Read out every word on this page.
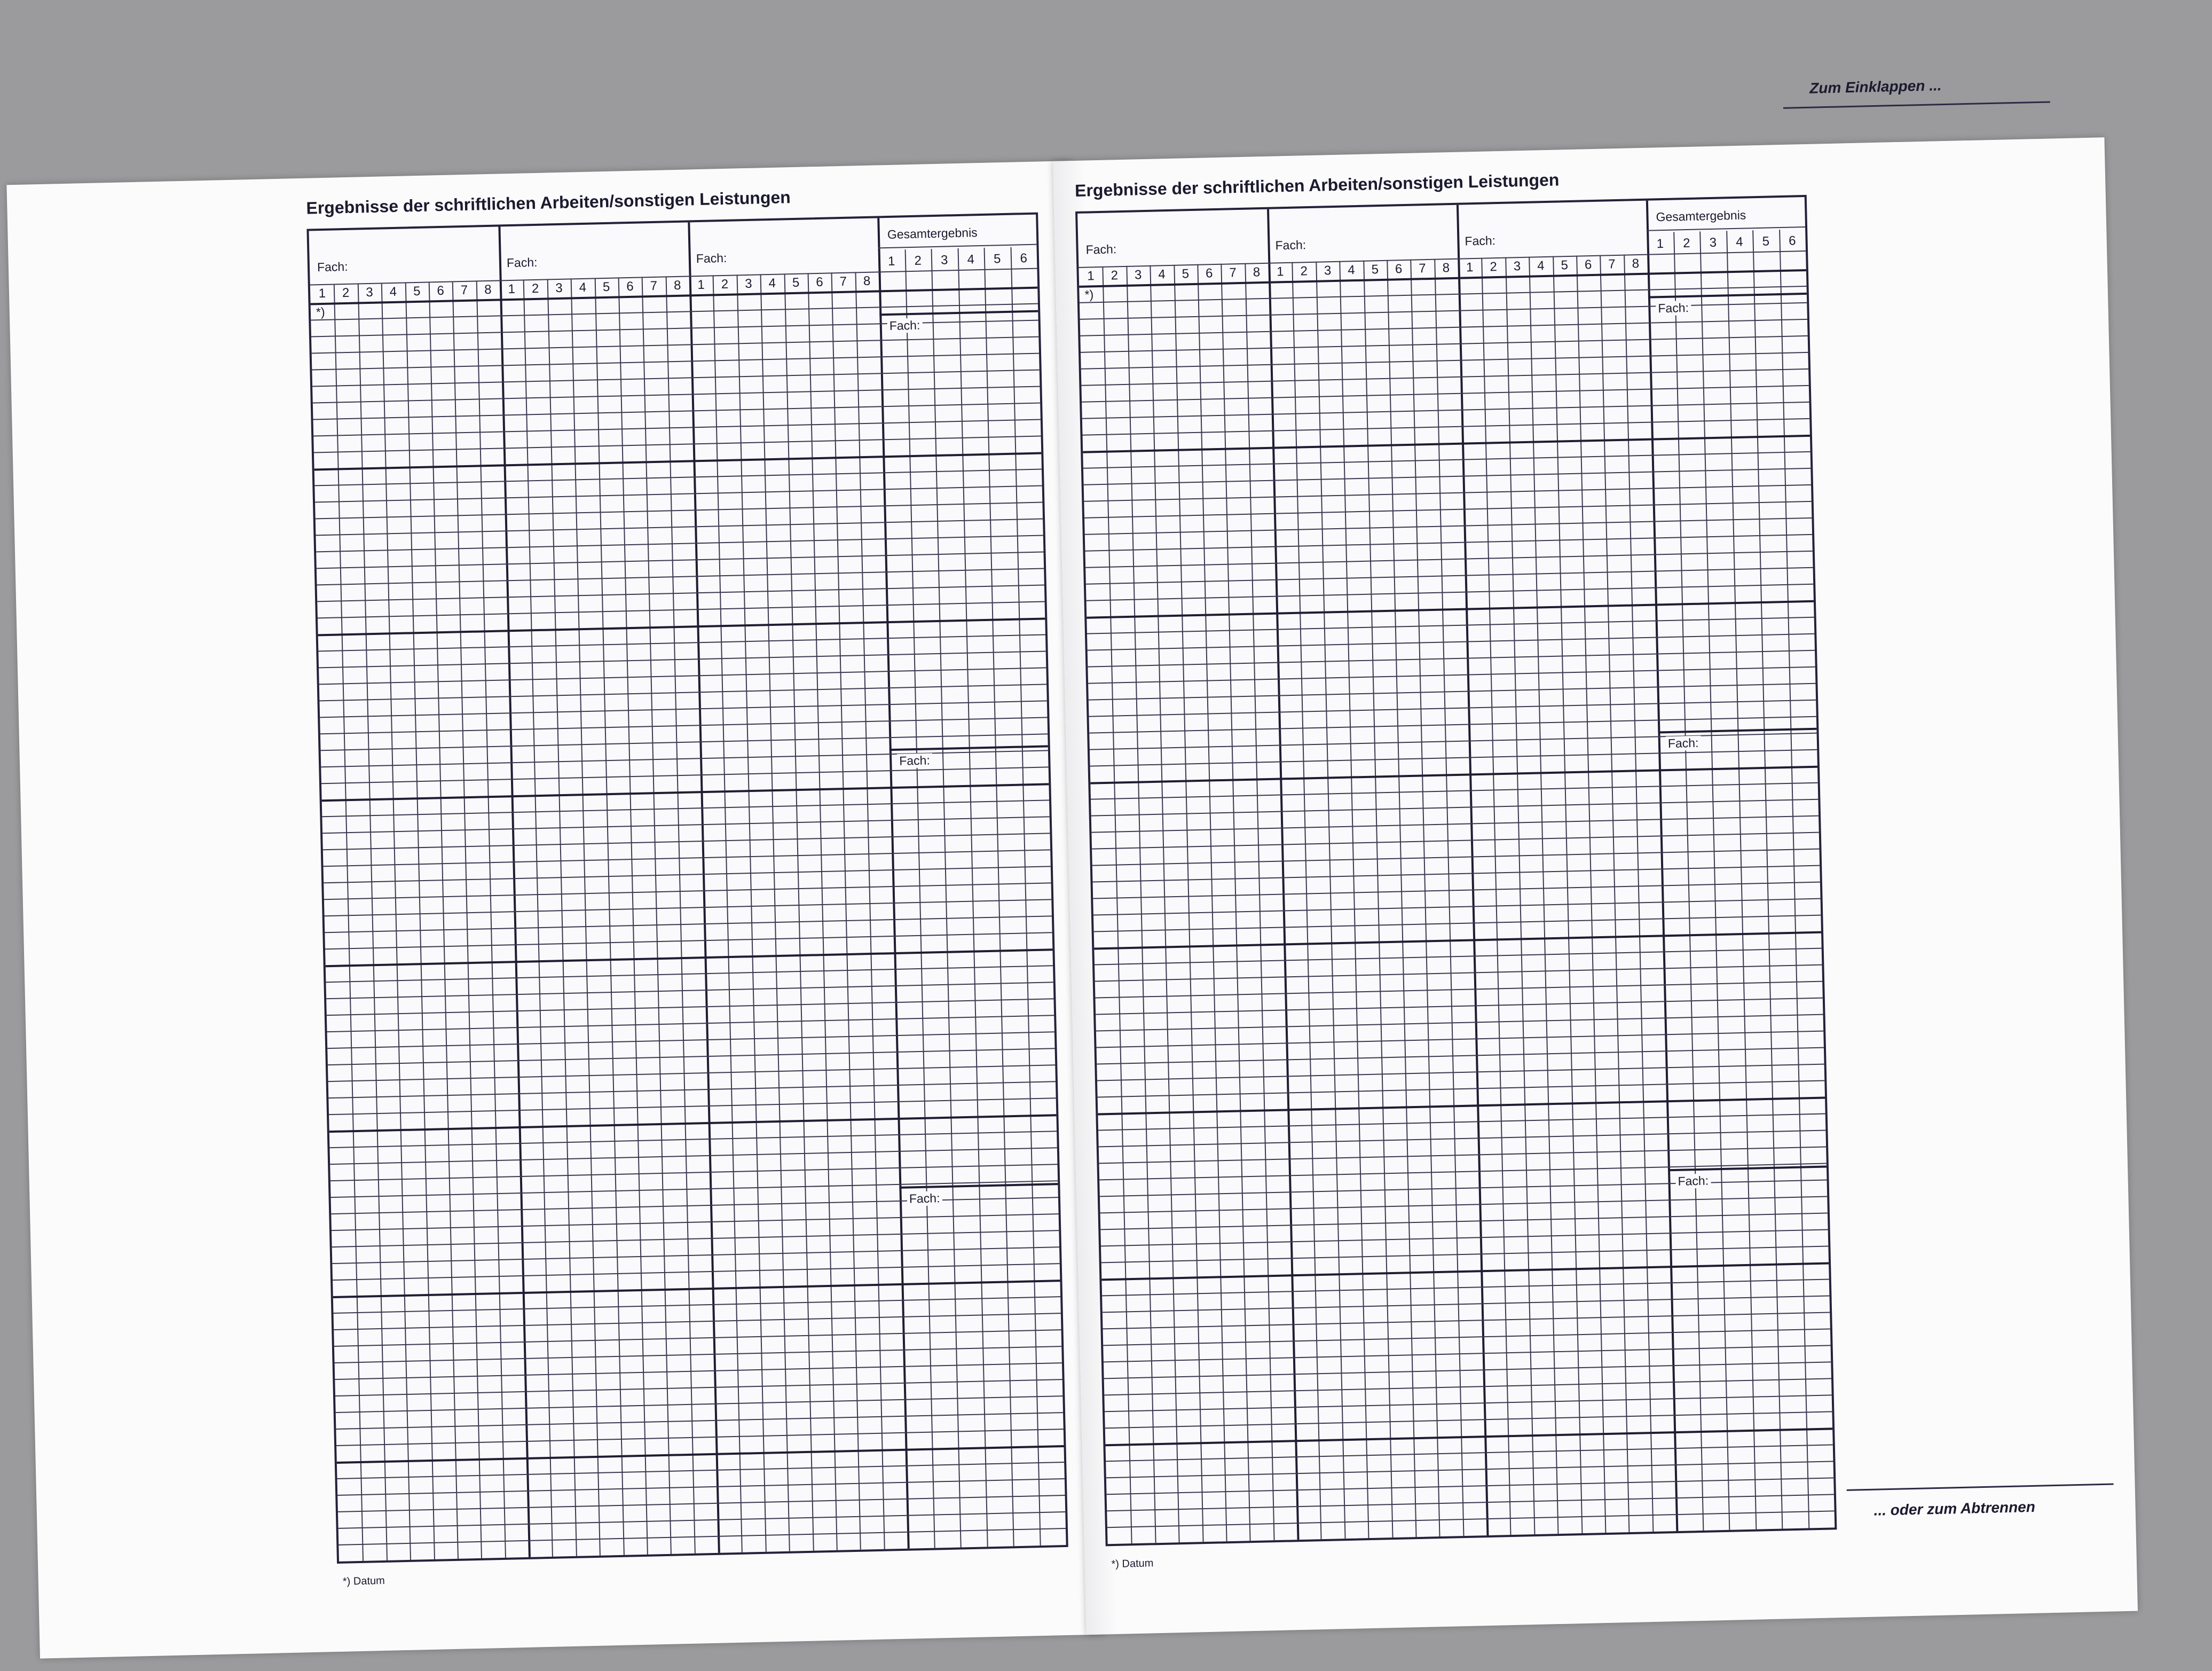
Ergebnisse der schriftlichen Arbeiten/sonstigen Leistungen
Fach:
1	2	3	4	5	6	7	8
Fach:
1	2	3	4	5	6	7	8
Fach:
1	2	3	4	5	6	7	8
Gesamtergebnis
1	2	3	4	5	6
*)
Fach:
Fach:
Fach:
*) Datum
Ergebnisse der schriftlichen Arbeiten/sonstigen Leistungen
Fach:
1	2	3	4	5	6	7	8
Fach:
1	2	3	4	5	6	7	8
Fach:
1	2	3	4	5	6	7	8
Gesamtergebnis
1	2	3	4	5	6
*)
Fach:
Fach:
Fach:
*) Datum
Zum Einklappen ...
... oder zum Abtrennen
